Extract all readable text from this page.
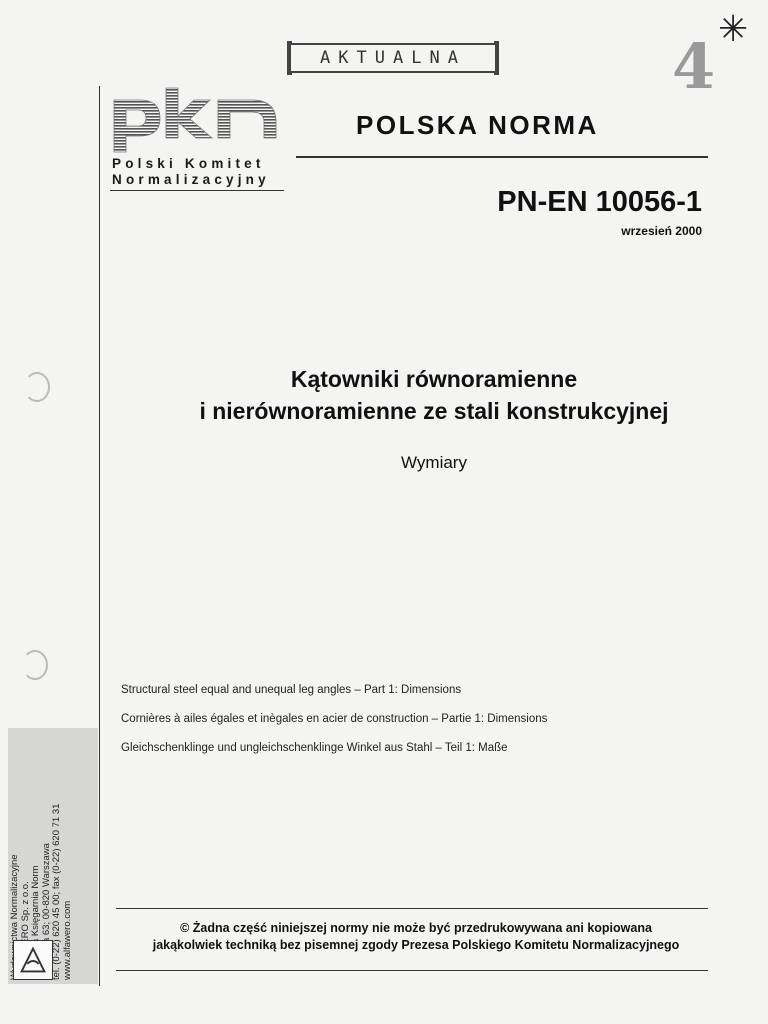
AKTUALNA	4
✳
Polski Komitet
Normalizacyjny
POLSKA NORMA
PN-EN 10056-1
wrzesień 2000
Kątowniki równoramienne
i nierównoramienne ze stali konstrukcyjnej
Wymiary
Structural steel equal and unequal leg angles – Part 1: Dimensions
Cornières à ailes égales et inègales en acier de construction – Partie 1: Dimensions
Gleichschenklinge und ungleichschenklinge Winkel aus Stahl – Teil 1: Maße
Wydawnictwa Normalizacyjne ALFA-WERO Sp. z o.o. Centralna Księgarnia Norm ul. Sienna 63; 00-820 Warszawa tel. (0-22) 620 45 00; fax (0-22) 620 71 31 www.alfawero.com	© Żadna część niniejszej normy nie może być przedrukowywana ani kopiowana
jakąkolwiek techniką bez pisemnej zgody Prezesa Polskiego Komitetu Normalizacyjnego
